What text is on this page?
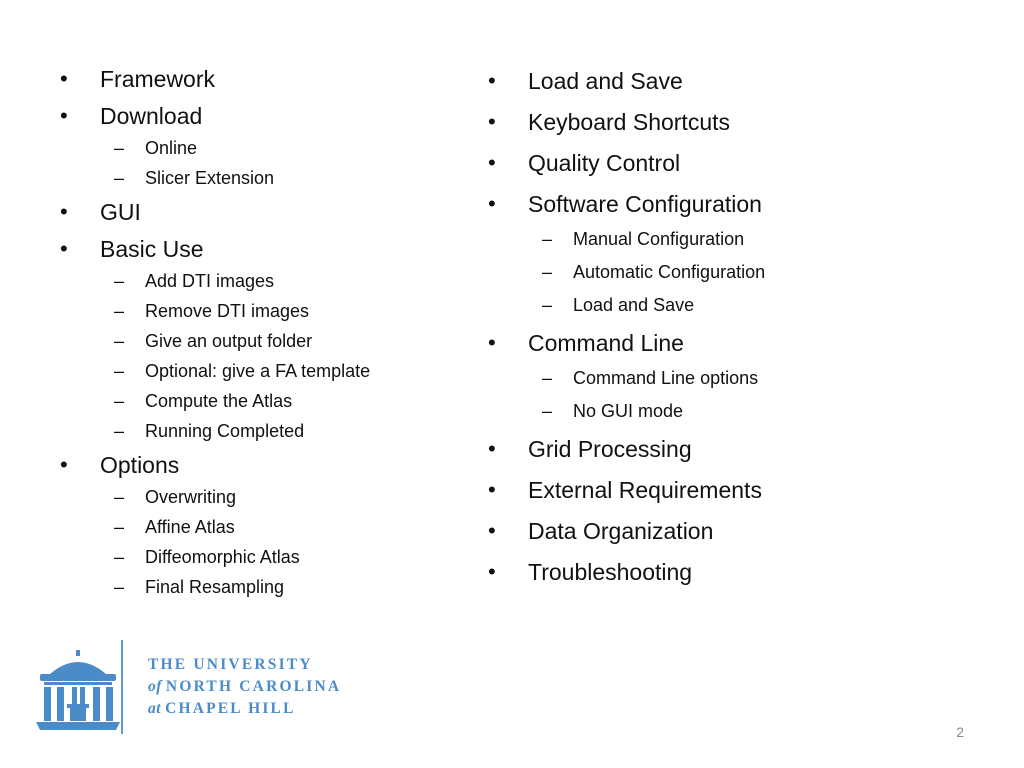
• Framework
• Download
– Online
– Slicer Extension
• GUI
• Basic Use
– Add DTI images
– Remove DTI images
– Give an output folder
– Optional: give a FA template
– Compute the Atlas
– Running Completed
• Options
– Overwriting
– Affine Atlas
– Diffeomorphic Atlas
– Final Resampling
• Load and Save
• Keyboard Shortcuts
• Quality Control
• Software Configuration
– Manual Configuration
– Automatic Configuration
– Load and Save
• Command Line
– Command Line options
– No GUI mode
• Grid Processing
• External Requirements
• Data Organization
• Troubleshooting
THE UNIVERSITY
of NORTH CAROLINA
at CHAPEL HILL
2
